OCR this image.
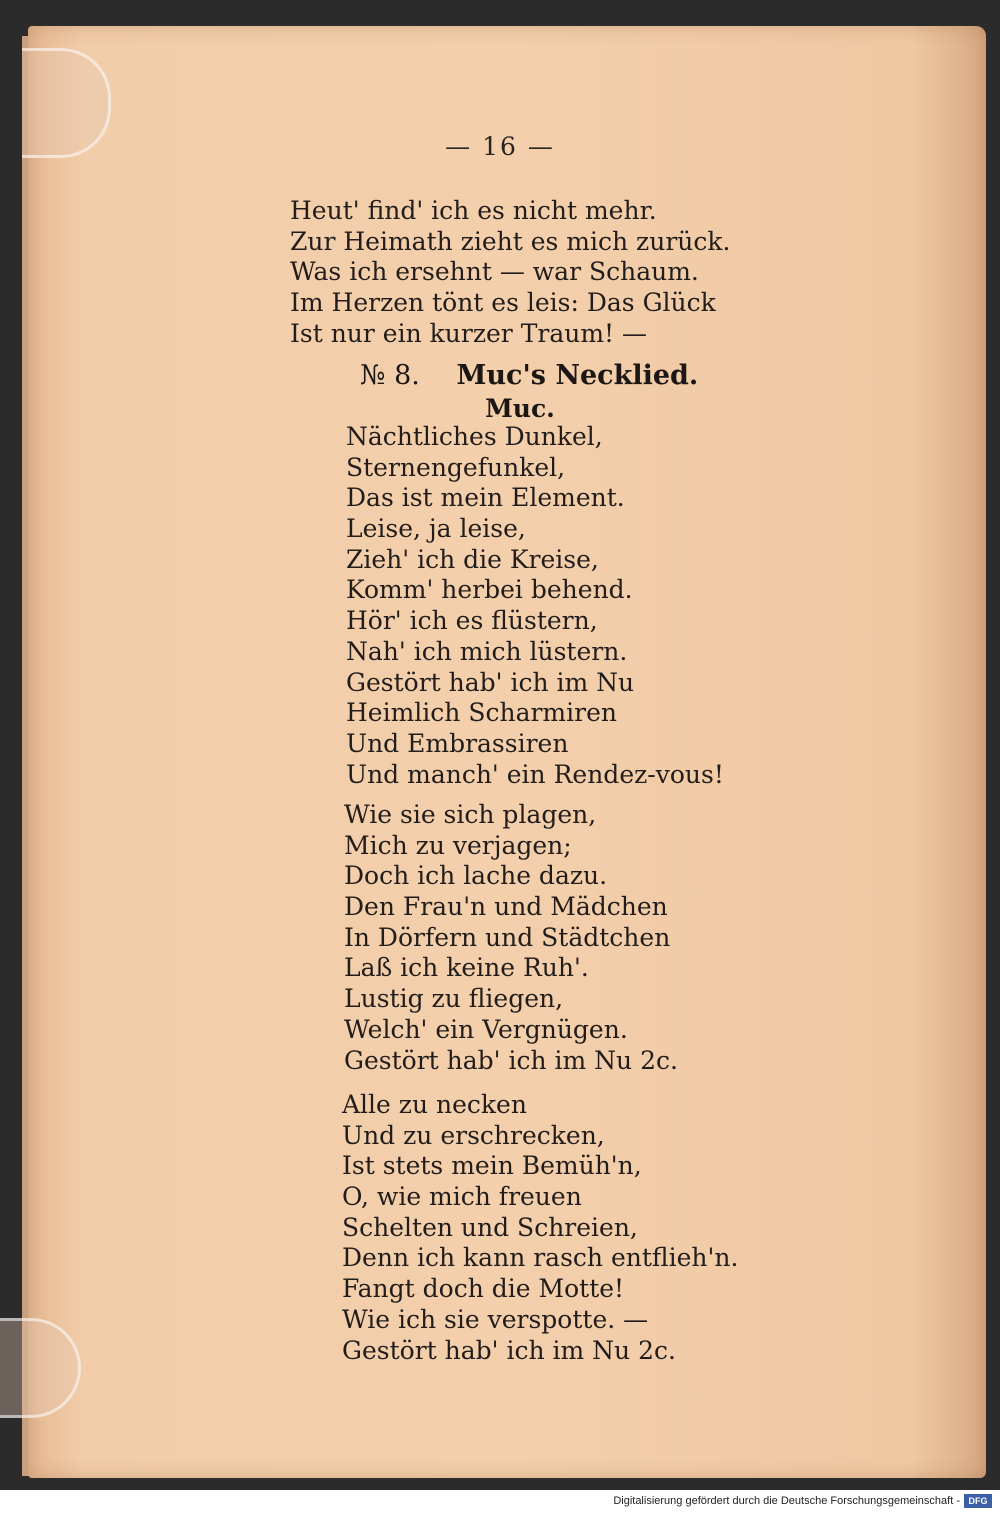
— 16 —
Heut' find' ich es nicht mehr.
Zur Heimath zieht es mich zurück.
Was ich ersehnt — war Schaum.
Im Herzen tönt es leis: Das Glück
Ist nur ein kurzer Traum! —
№ 8. Muc's Necklied.
Muc.
Nächtliches Dunkel,
Sternengefunkel,
Das ist mein Element.
Leise, ja leise,
Zieh' ich die Kreise,
Komm' herbei behend.
Hör' ich es flüstern,
Nah' ich mich lüstern.
Gestört hab' ich im Nu
Heimlich Scharmiren
Und Embrassiren
Und manch' ein Rendez-vous!
Wie sie sich plagen,
Mich zu verjagen;
Doch ich lache dazu.
Den Frau'n und Mädchen
In Dörfern und Städtchen
Laß ich keine Ruh'.
Lustig zu fliegen,
Welch' ein Vergnügen.
Gestört hab' ich im Nu 2c.
Alle zu necken
Und zu erschrecken,
Ist stets mein Bemüh'n,
O, wie mich freuen
Schelten und Schreien,
Denn ich kann rasch entflieh'n.
Fangt doch die Motte!
Wie ich sie verspotte. —
Gestört hab' ich im Nu 2c.
Digitalisierung gefördert durch die Deutsche Forschungsgemeinschaft - DFG
